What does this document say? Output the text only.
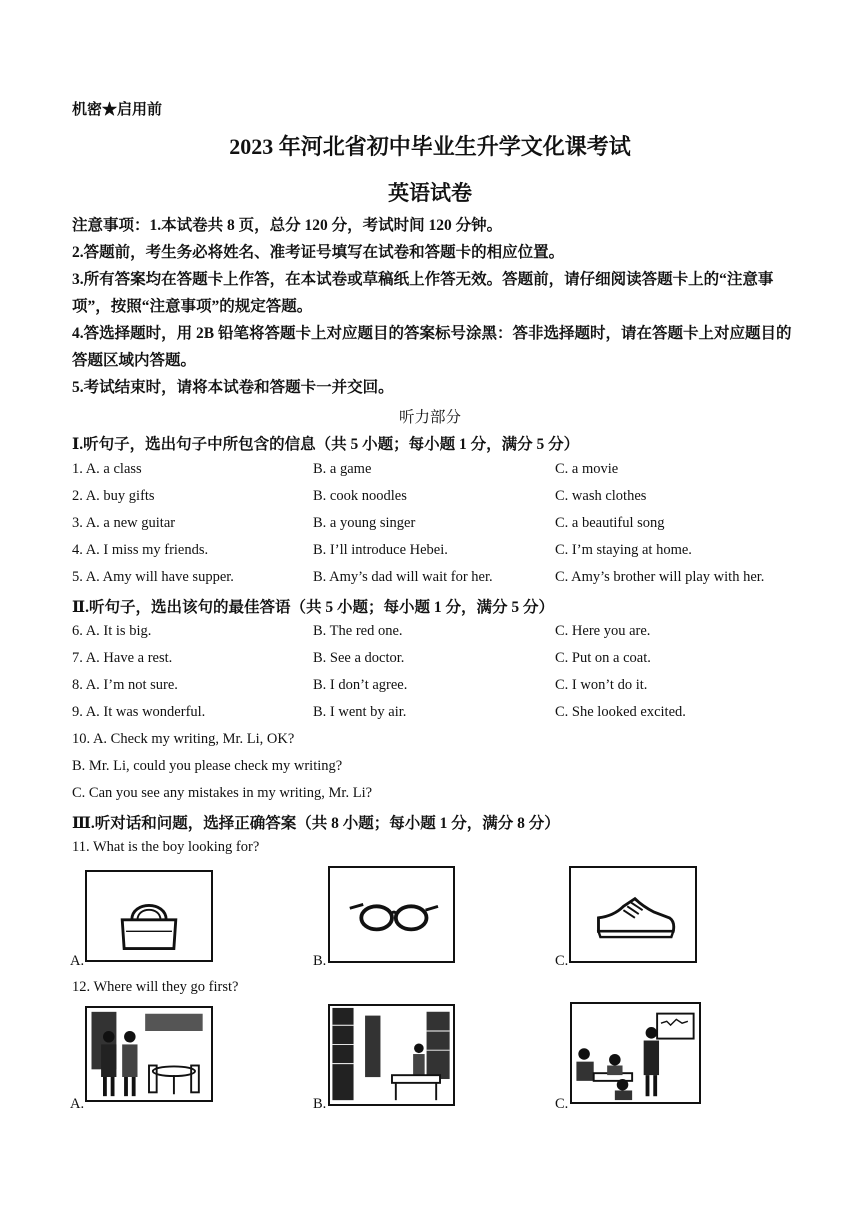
机密★启用前
2023 年河北省初中毕业生升学文化课考试
英语试卷
注意事项：1.本试卷共 8 页，总分 120 分，考试时间 120 分钟。
2.答题前，考生务必将姓名、准考证号填写在试卷和答题卡的相应位置。
3.所有答案均在答题卡上作答，在本试卷或草稿纸上作答无效。答题前，请仔细阅读答题卡上的“注意事项”，按照“注意事项”的规定答题。
4.答选择题时，用 2B 铅笔将答题卡上对应题目的答案标号涂黑：答非选择题时，请在答题卡上对应题目的答题区域内答题。
5.考试结束时，请将本试卷和答题卡一并交回。
听力部分
Ⅰ.听句子，选出句子中所包含的信息（共 5 小题；每小题 1 分，满分 5 分）
1. A. a class	B. a game	C. a movie
2. A. buy gifts	B. cook noodles	C. wash clothes
3. A. a new guitar	B. a young singer	C. a beautiful song
4. A. I miss my friends.	B. I’ll introduce Hebei.	C. I’m staying at home.
5. A. Amy will have supper.	B. Amy’s dad will wait for her.	C. Amy’s brother will play with her.
Ⅱ.听句子，选出该句的最佳答语（共 5 小题；每小题 1 分，满分 5 分）
6. A. It is big.	B. The red one.	C. Here you are.
7. A. Have a rest.	B. See a doctor.	C. Put on a coat.
8. A. I’m not sure.	B. I don’t agree.	C. I won’t do it.
9. A. It was wonderful.	B. I went by air.	C. She looked excited.
10. A. Check my writing, Mr. Li, OK?
B. Mr. Li, could you please check my writing?
C. Can you see any mistakes in my writing, Mr. Li?
Ⅲ.听对话和问题，选择正确答案（共 8 小题；每小题 1 分，满分 8 分）
11. What is the boy looking for?
A.	B.	C.
12. Where will they go first?
A.	B.	C.
